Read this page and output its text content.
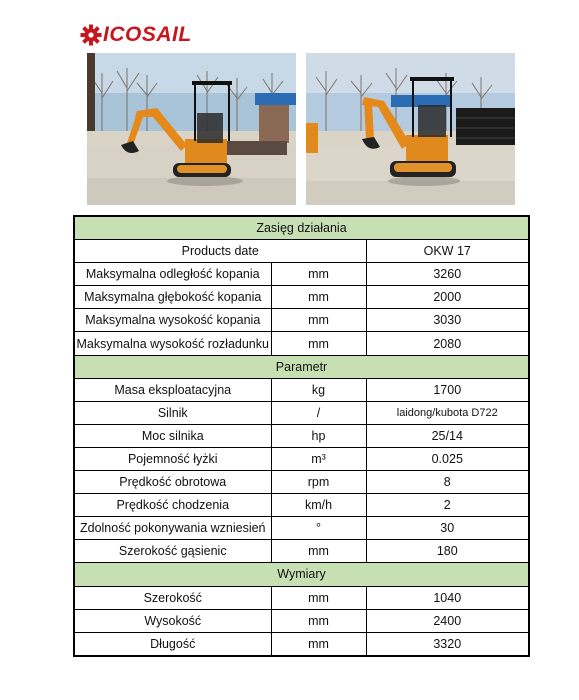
ICOSAIL
Zasięg działania		
Products date		OKW 17
Maksymalna odległość kopania	mm	3260
Maksymalna głębokość kopania	mm	2000
Maksymalna wysokość kopania	mm	3030
Maksymalna wysokość rozładunku	mm	2080
Parametr		
Masa eksploatacyjna	kg	1700
Silnik	/	laidong/kubota D722
Moc silnika	hp	25/14
Pojemność łyżki	m³	0.025
Prędkość obrotowa	rpm	8
Prędkość chodzenia	km/h	2
Zdolność pokonywania wzniesień	°	30
Szerokość gąsienic	mm	180
Wymiary		
Szerokość	mm	1040
Wysokość	mm	2400
Długość	mm	3320
